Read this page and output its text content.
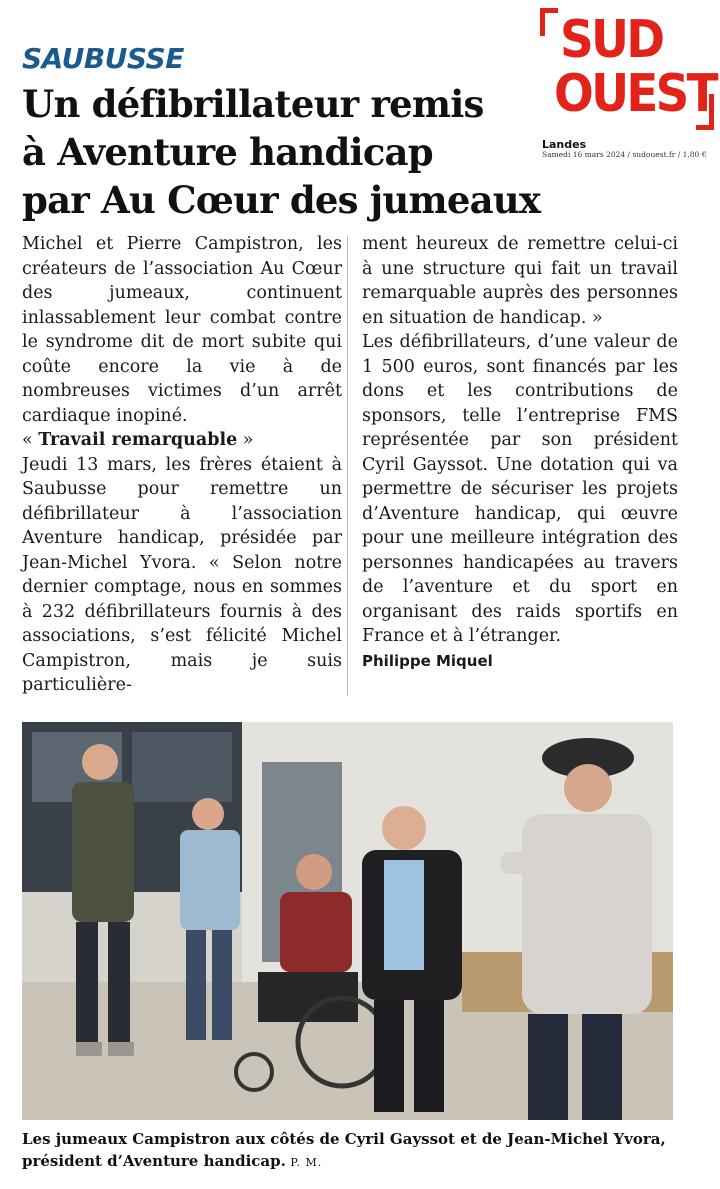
SAUBUSSE
Un défibrillateur remis
à Aventure handicap
par Au Cœur des jumeaux
SUD
OUEST
Landes
Samedi 16 mars 2024 / sudouest.fr / 1,80 €

Michel et Pierre Campistron, les créateurs de l’association Au Cœur des jumeaux, continuent inlassablement leur combat contre le syndrome dit de mort subite qui coûte encore la vie à de nombreuses victimes d’un arrêt cardiaque inopiné.

« Travail remarquable »

Jeudi 13 mars, les frères étaient à Saubusse pour remettre un défibrillateur à l’association Aventure handicap, présidée par Jean-Michel Yvora. « Selon notre dernier comptage, nous en sommes à 232 défibrillateurs fournis à des associations, s’est félicité Michel Campistron, mais je suis particulière-

ment heureux de remettre celui-ci à une structure qui fait un travail remarquable auprès des personnes en situation de handicap. »

Les défibrillateurs, d’une valeur de 1 500 euros, sont financés par les dons et les contributions de sponsors, telle l’entreprise FMS représentée par son président Cyril Gayssot. Une dotation qui va permettre de sécuriser les projets d’Aventure handicap, qui œuvre pour une meilleure intégration des personnes handicapées au travers de l’aventure et du sport en organisant des raids sportifs en France et à l’étranger.

Philippe Miquel

Les jumeaux Campistron aux côtés de Cyril Gayssot et de Jean-Michel Yvora, président d’Aventure handicap. P. M.
